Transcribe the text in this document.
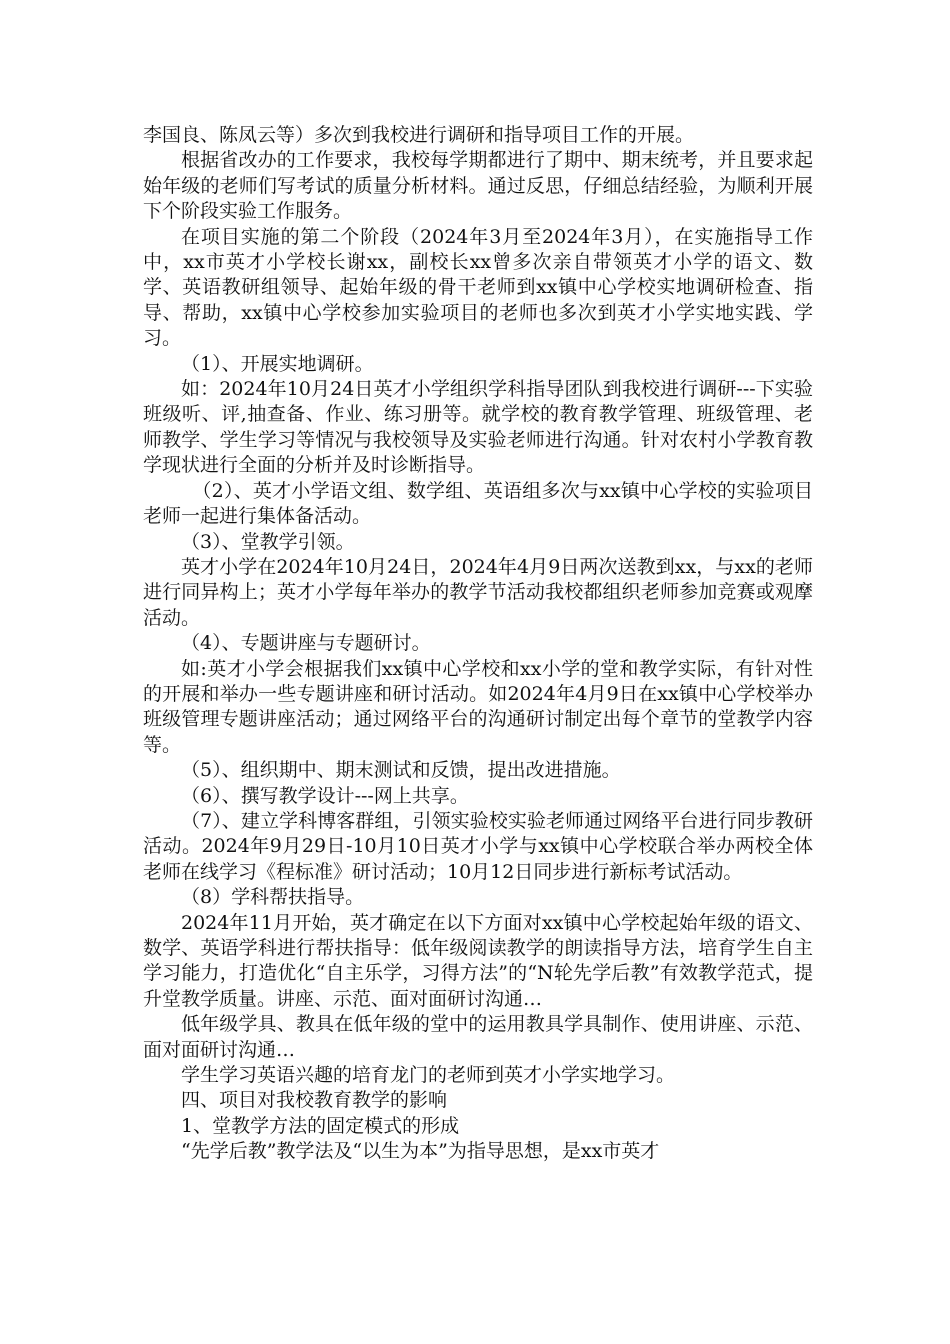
李国良、陈凤云等）多次到我校进行调研和指导项目工作的开展。

根据省改办的工作要求，我校每学期都进行了期中、期末统考，并且要求起始年级的老师们写考试的质量分析材料。通过反思，仔细总结经验，为顺利开展下个阶段实验工作服务。

在项目实施的第二个阶段（2024年3月至2024年3月），在实施指导工作中，xx市英才小学校长谢xx，副校长xx曾多次亲自带领英才小学的语文、数学、英语教研组领导、起始年级的骨干老师到xx镇中心学校实地调研检查、指导、帮助，xx镇中心学校参加实验项目的老师也多次到英才小学实地实践、学习。

（1）、开展实地调研。

如：2024年10月24日英才小学组织学科指导团队到我校进行调研---下实验班级听、评,抽查备、作业、练习册等。就学校的教育教学管理、班级管理、老师教学、学生学习等情况与我校领导及实验老师进行沟通。针对农村小学教育教学现状进行全面的分析并及时诊断指导。

（2）、英才小学语文组、数学组、英语组多次与xx镇中心学校的实验项目老师一起进行集体备活动。

（3）、堂教学引领。

英才小学在2024年10月24日，2024年4月9日两次送教到xx，与xx的老师进行同异构上；英才小学每年举办的教学节活动我校都组织老师参加竞赛或观摩活动。

（4）、专题讲座与专题研讨。

如:英才小学会根据我们xx镇中心学校和xx小学的堂和教学实际，有针对性的开展和举办一些专题讲座和研讨活动。如2024年4月9日在xx镇中心学校举办班级管理专题讲座活动；通过网络平台的沟通研讨制定出每个章节的堂教学内容等。

（5）、组织期中、期末测试和反馈，提出改进措施。

（6）、撰写教学设计---网上共享。

（7）、建立学科博客群组，引领实验校实验老师通过网络平台进行同步教研活动。2024年9月29日-10月10日英才小学与xx镇中心学校联合举办两校全体老师在线学习《程标准》研讨活动；10月12日同步进行新标考试活动。

（8）学科帮扶指导。

2024年11月开始，英才确定在以下方面对xx镇中心学校起始年级的语文、数学、英语学科进行帮扶指导：低年级阅读教学的朗读指导方法，培育学生自主学习能力，打造优化“自主乐学，习得方法”的“N轮先学后教”有效教学范式，提升堂教学质量。讲座、示范、面对面研讨沟通…

低年级学具、教具在低年级的堂中的运用教具学具制作、使用讲座、示范、面对面研讨沟通…

学生学习英语兴趣的培育龙门的老师到英才小学实地学习。

四、项目对我校教育教学的影响

1、堂教学方法的固定模式的形成

“先学后教”教学法及“以生为本”为指导思想，是xx市英才
